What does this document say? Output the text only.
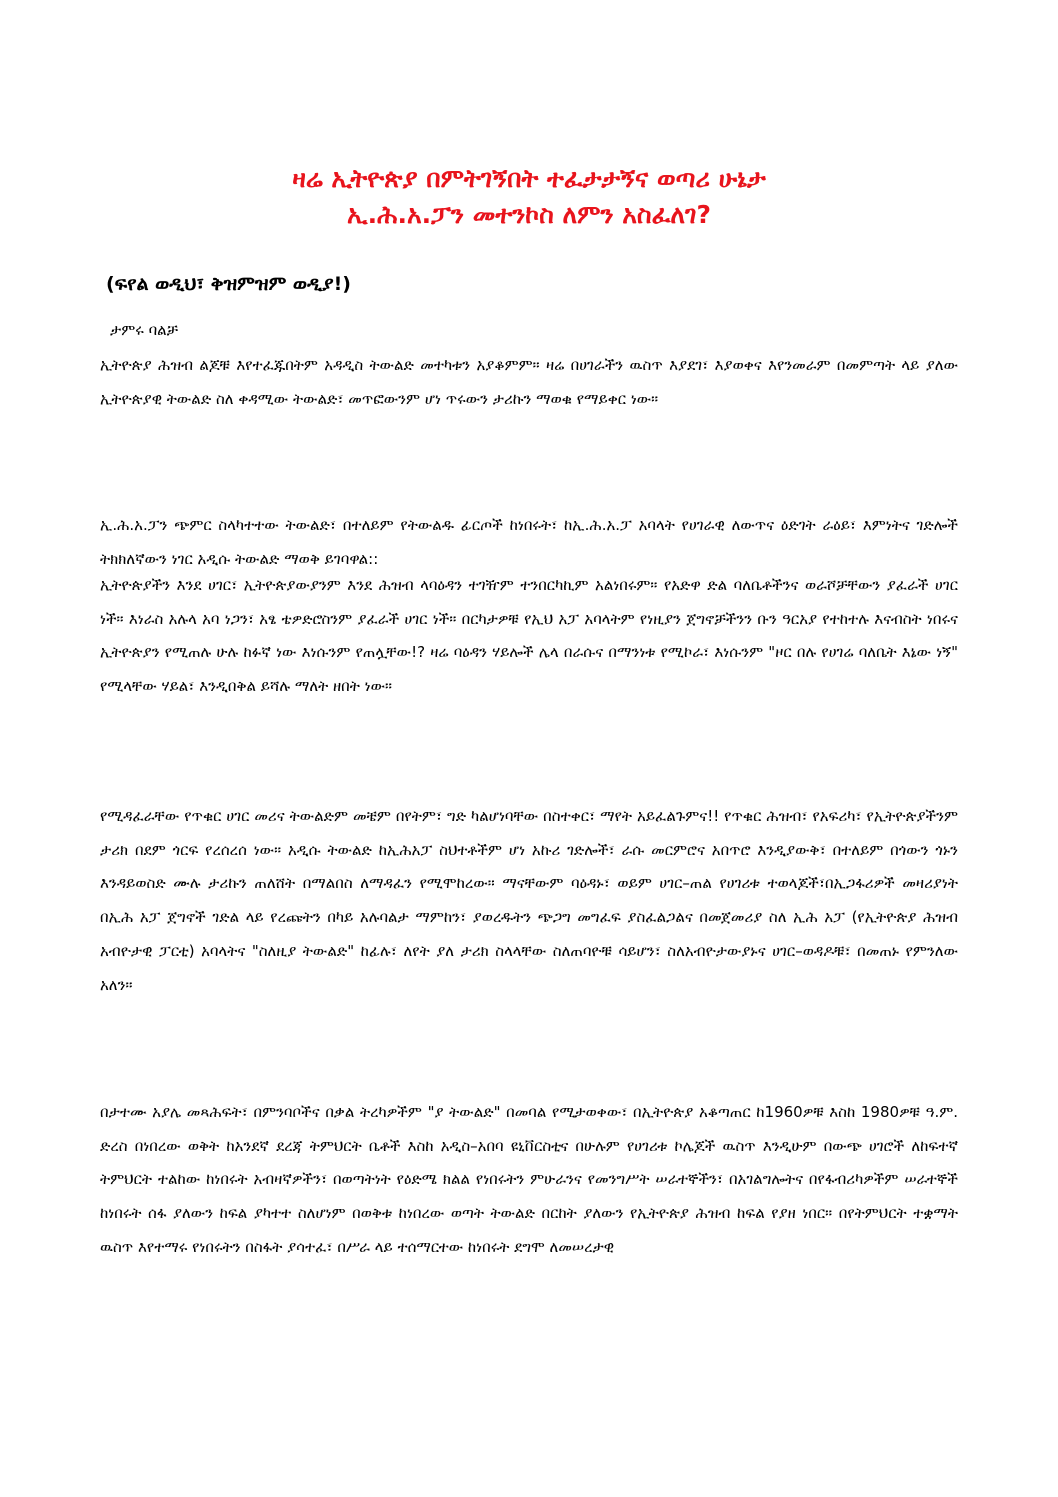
ዛሬ ኢትዮጵያ በምትገኝበት ተፈታታኝና ወጣሪ ሁኔታ
ኢ.ሕ.አ.ፓን መተንኮስ ለምን አስፈለገ?
(ፍየል ወዲህ፣ ቅዝምዝም ወዲያ!)
ታምሩ ባልቻ
ኢትዮጵያ ሕዝብ ልጆቹ እየተፈጁበትም አዳዲስ ትውልድ መተካቱን አያቆምም። ዛሬ በሀገራችን ዉስጥ እያደገ፣ እያወቀና እየንመራም በመምጣት ላይ ያለው ኢትዮጵያዊ ትውልድ ስለ ቀዳሚው ትውልድ፣ መጥፎውንም ሆነ ጥሩውን ታሪኩን ማወቁ የማይቀር ነው።
ኢ.ሕ.አ.ፓን ጭምር ስላካተተው ትውልድ፣ በተለይም የትውልዱ ፊርጦች ከነበሩት፣ ከኢ.ሕ.አ.ፓ አባላት የሀገራዊ ለውጥና ዕድገት ራዕይ፣ እምነትና ገድሎች ትክክለኛውን ነገር አዲሱ ትውልድ ማወቅ ይገባዋል::
ኢትዮጵያችን እንደ ሀገር፣ ኢትዮጵያውያንም እንደ ሕዝብ ላባዕዳን ተገዥም ተንበርካኪም አልነበሩም። የአድዋ ድል ባለቤቶችንና ወራሾቻቸውን ያፈራች ሀገር ነች። እነራስ አሉላ አባ ነጋን፣ አፄ ቴዎድሮስንም ያፈራች ሀገር ነች። በርካታዎቹ የኢህ አፓ አባላትም የነዚያን ጀግኖቻችንን ቡን ዓርአያ የተከተሉ እናብስት ነበሩና ኢትዮጵያን የሚጠሉ ሁሉ ከፉኛ ነው እነሱንም የጠሏቸው!? ዛሬ ባዕዳን ሃይሎች ሌላ በራሱና በማንነቱ የሚኮራ፣ እነሱንም "ዞር በሉ የሀገሬ ባለቤት እኔው ነኝ" የሚላቸው ሃይል፣ እንዲበቅል ይሻሉ ማለት ዘበት ነው።
የሚዳፈራቸው የጥቁር ሀገር መሪና ትውልድም መቼም በየትም፣ ግድ ካልሆነባቸው በስተቀር፣ ማየት አይፈልጉምና!! የጥቁር ሕዝብ፣ የአፍሪካ፣ የኢትዮጵያችንም ታሪክ በደም ጎርፍ የረሰረሰ ነው። አዲሱ ትውልድ ከኢሕአፓ ስህተቶችም ሆነ አኩሪ ገድሎች፣ ራሱ መርምሮና አበጥሮ እንዲያውቅ፣ በተለይም በጎውን ጎኑን እንዳይወስድ ሙሉ ታሪኩን ጠለሸት በማልበስ ለማዳፈን የሚሞከረው። ማናቸውም ባዕዳኑ፣ ወይም ሀገር–ጠል የሀገሪቱ ተወላጆች፣በኢጋፋሪዎች መዛሪያነት በኢሕ አፓ ጀግኖች ገድል ላይ የረጩትን በካይ አሉባልታ ማምከን፣ ያወረዱትን ጭጋግ መግፈፍ ያስፈልጋልና በመጀመሪያ ስለ ኢሕ አፓ (የኢትዮጵያ ሕዝብ አብዮታዊ ፓርቲ) አባላትና "ስለዚያ ትውልድ" ከፊሉ፣ ለየት ያለ ታሪክ ስላላቸው ስለጠባዮቹ ሳይሆን፣ ስለአብዮታውያኑና ሀገር–ወዳዶቹ፣ በመጠኑ የምንለው አለን።
በታተሙ አያሌ መጻሕፍት፣ በምንባቦችና በቃል ትረካዎችም "ያ ትውልድ" በመባል የሚታወቀው፣ በኢትዮጵያ አቆጣጠር ከ1960ዎቹ እስከ 1980ዎቹ ዓ.ም. ድረስ በነበረው ወቅት ከአንደኛ ደረጃ ትምህርት ቤቶች እስከ አዲስ–አበባ ዩኒቨርስቲና በሁሉም የሀገሪቱ ኮሌጆች ዉስጥ እንዲሁም በውጭ ሀገሮች ለከፍተኛ ትምህርት ተልከው ከነበሩት አብዛኛዎችን፣ በወጣትነት የዕድሜ ክልል የነበሩትን ምሁራንና የመንግሥት ሠራተኞችን፣ በአገልግሎትና በየፋብሪካዎችም ሠራተኞች ከነበሩት ሰፋ ያለውን ከፍል ያካተተ ስለሆነም በወቅቱ ከነበረው ወጣት ትውልድ በርከት ያለውን የኢትዮጵያ ሕዝብ ከፍል የያዘ ነበር። በየትምህርት ተቋማት ዉስጥ እየተማሩ የነበሩትን በስፋት ያሳተፈ፣ በሥራ ላይ ተሰማርተው ከነበሩት ደግሞ ለመሠረታዊ
